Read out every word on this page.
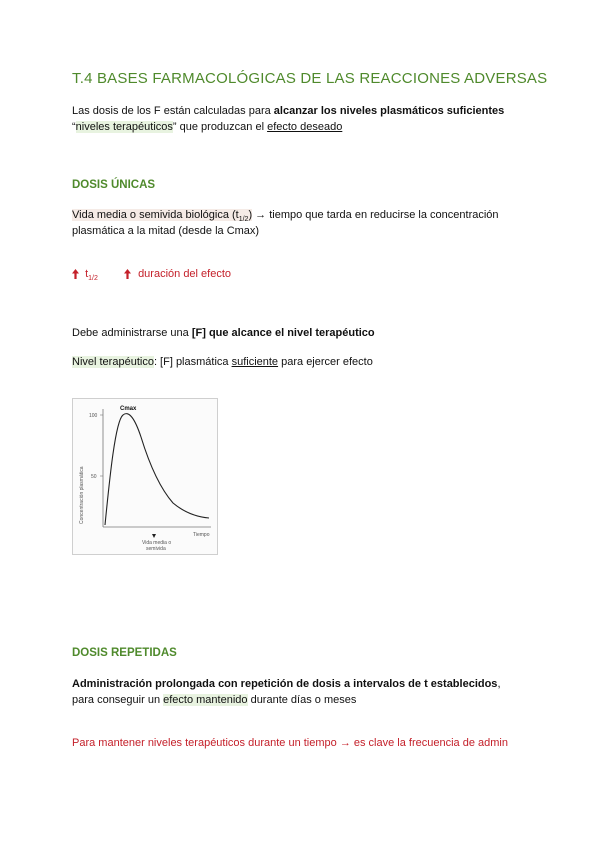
T.4 BASES FARMACOLÓGICAS DE LAS REACCIONES ADVERSAS
Las dosis de los F están calculadas para alcanzar los niveles plasmáticos suficientes
“niveles terapéuticos” que produzcan el efecto deseado
DOSIS ÚNICAS
Vida media o semivida biológica $(t_{1/2})$ → tiempo que tarda en reducirse la concentración
plasmática a la mitad (desde la Cmax)
$t_{1/2}$	duración del efecto
Debe administrarse una [F] que alcance el nivel terapéutico
Nivel terapéutico: [F] plasmática suficiente para ejercer efecto
100
50
Concentración plasmática
Cmax
Tiempo
Vida media o
semivida
DOSIS REPETIDAS
Administración prolongada con repetición de dosis a intervalos de t establecidos,
para conseguir un efecto mantenido durante días o meses
Para mantener niveles terapéuticos durante un tiempo → es clave la frecuencia de admin
